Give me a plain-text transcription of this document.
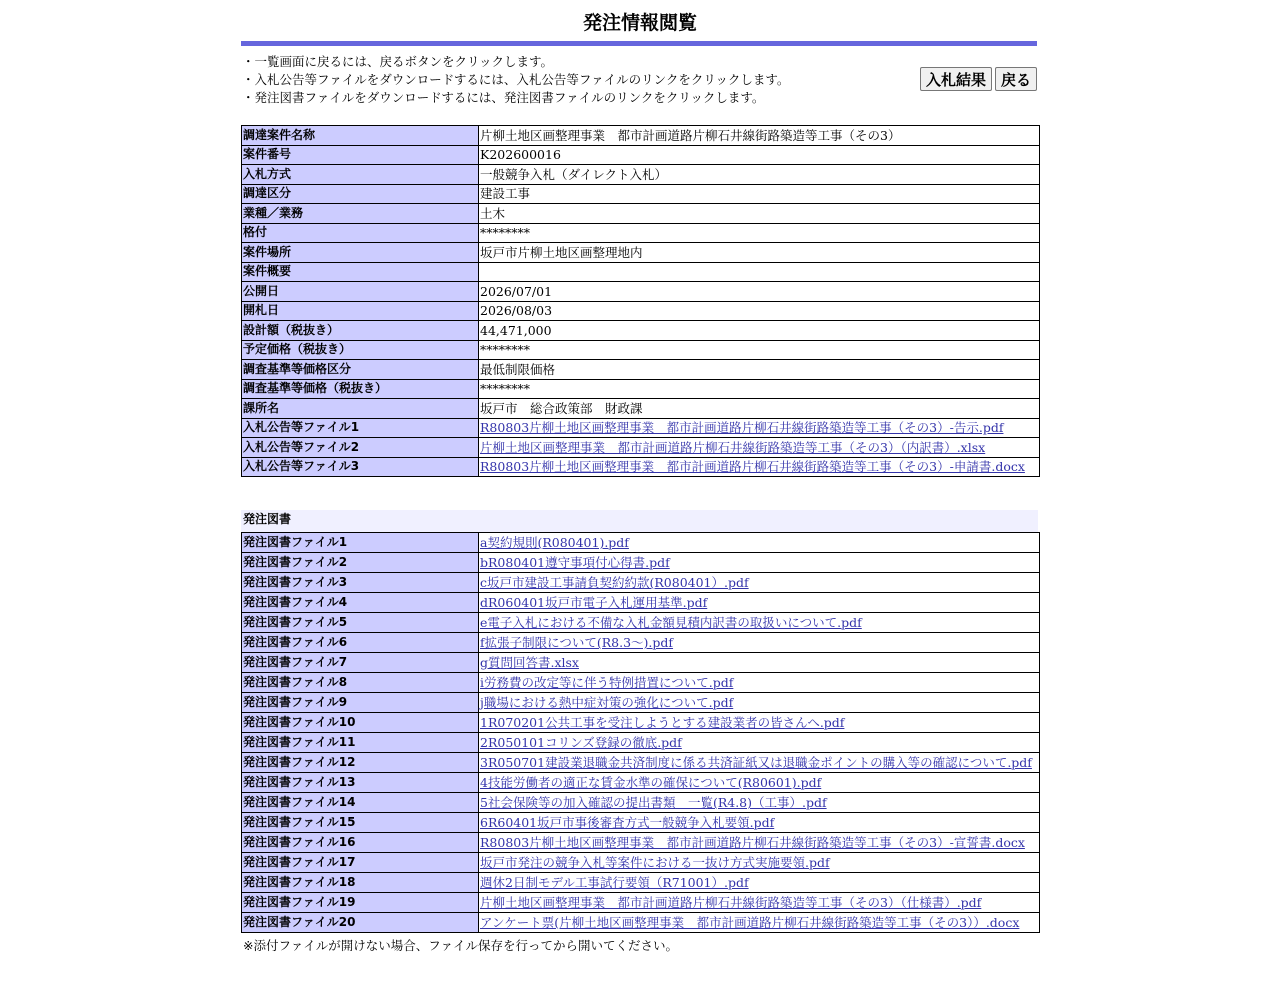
発注情報閲覧
・一覧画面に戻るには、戻るボタンをクリックします。
・入札公告等ファイルをダウンロードするには、入札公告等ファイルのリンクをクリックします。
・発注図書ファイルをダウンロードするには、発注図書ファイルのリンクをクリックします。
入札結果 戻る
調達案件名称	片柳土地区画整理事業　都市計画道路片柳石井線街路築造等工事（その3）
案件番号	K202600016
入札方式	一般競争入札（ダイレクト入札）
調達区分	建設工事
業種／業務	土木
格付	********
案件場所	坂戸市片柳土地区画整理地内
案件概要	
公開日	2026/07/01
開札日	2026/08/03
設計額（税抜き）	44,471,000
予定価格（税抜き）	********
調査基準等価格区分	最低制限価格
調査基準等価格（税抜き）	********
課所名	坂戸市　総合政策部　財政課
入札公告等ファイル1	R80803片柳土地区画整理事業　都市計画道路片柳石井線街路築造等工事（その3）-告示.pdf
入札公告等ファイル2	片柳土地区画整理事業　都市計画道路片柳石井線街路築造等工事（その3）（内訳書）.xlsx
入札公告等ファイル3	R80803片柳土地区画整理事業　都市計画道路片柳石井線街路築造等工事（その3）-申請書.docx
発注図書
発注図書ファイル1	a契約規則(R080401).pdf
発注図書ファイル2	bR080401遵守事項付心得書.pdf
発注図書ファイル3	c坂戸市建設工事請負契約約款(R080401）.pdf
発注図書ファイル4	dR060401坂戸市電子入札運用基準.pdf
発注図書ファイル5	e電子入札における不備な入札金額見積内訳書の取扱いについて.pdf
発注図書ファイル6	f拡張子制限について(R8.3～).pdf
発注図書ファイル7	g質問回答書.xlsx
発注図書ファイル8	i労務費の改定等に伴う特例措置について.pdf
発注図書ファイル9	j職場における熱中症対策の強化について.pdf
発注図書ファイル10	1R070201公共工事を受注しようとする建設業者の皆さんへ.pdf
発注図書ファイル11	2R050101コリンズ登録の徹底.pdf
発注図書ファイル12	3R050701建設業退職金共済制度に係る共済証紙又は退職金ポイントの購入等の確認について.pdf
発注図書ファイル13	4技能労働者の適正な賃金水準の確保について(R80601).pdf
発注図書ファイル14	5社会保険等の加入確認の提出書類　一覧(R4.8)（工事）.pdf
発注図書ファイル15	6R60401坂戸市事後審査方式一般競争入札要領.pdf
発注図書ファイル16	R80803片柳土地区画整理事業　都市計画道路片柳石井線街路築造等工事（その3）-宣誓書.docx
発注図書ファイル17	坂戸市発注の競争入札等案件における一抜け方式実施要領.pdf
発注図書ファイル18	週休2日制モデル工事試行要領（R71001）.pdf
発注図書ファイル19	片柳土地区画整理事業　都市計画道路片柳石井線街路築造等工事（その3）（仕様書）.pdf
発注図書ファイル20	アンケート票(片柳土地区画整理事業　都市計画道路片柳石井線街路築造等工事（その3））.docx
※添付ファイルが開けない場合、ファイル保存を行ってから開いてください。
